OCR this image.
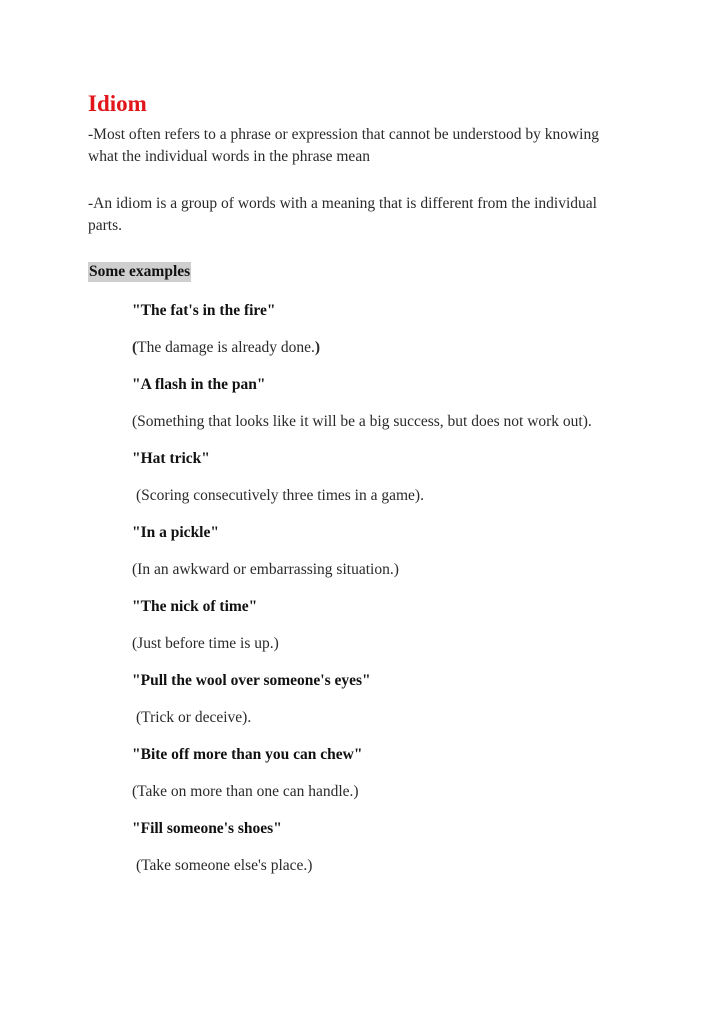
Idiom

-Most often refers to a phrase or expression that cannot be understood by knowing what the individual words in the phrase mean

-An idiom is a group of words with a meaning that is different from the individual parts.

Some examples

"The fat's in the fire"

(The damage is already done.)

"A flash in the pan"

(Something that looks like it will be a big success, but does not work out).

"Hat trick"

(Scoring consecutively three times in a game).

"In a pickle"

(In an awkward or embarrassing situation.)

"The nick of time"

(Just before time is up.)

"Pull the wool over someone's eyes"

(Trick or deceive).

"Bite off more than you can chew"

(Take on more than one can handle.)

"Fill someone's shoes"

(Take someone else's place.)
